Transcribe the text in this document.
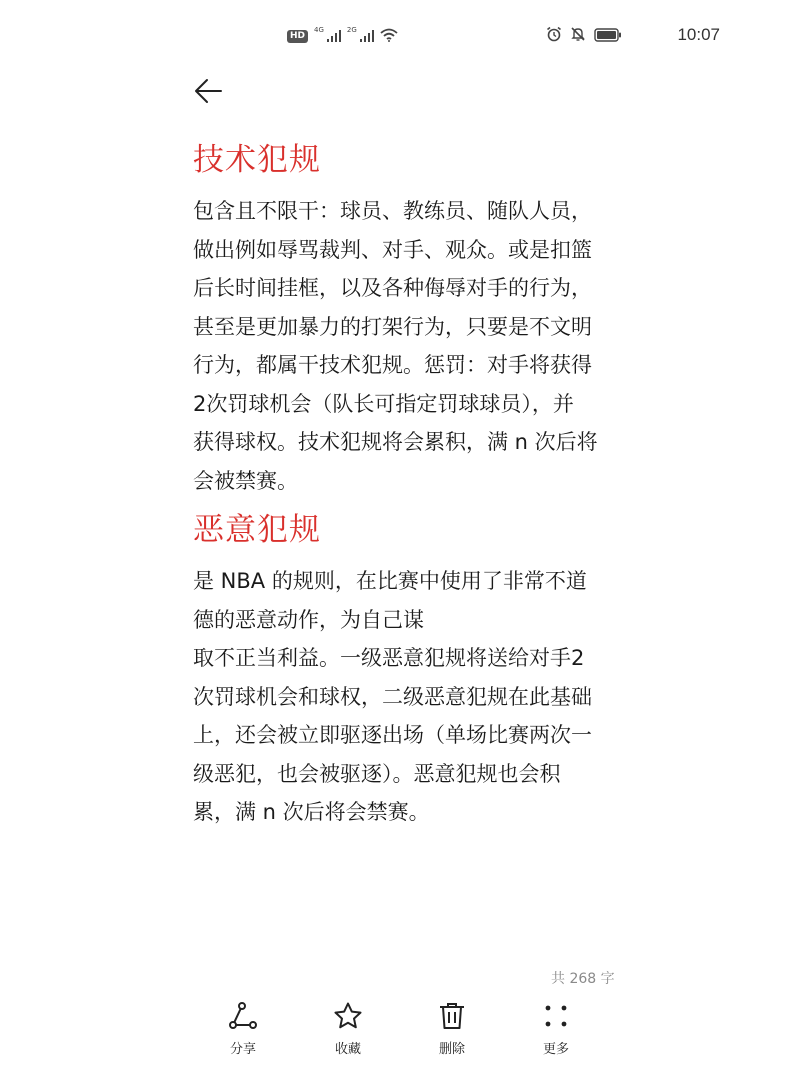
HD
4G	2G	10:07
技术犯规

包含且不限干：球员、教练员、随队人员，
做出例如辱骂裁判、对手、观众。或是扣篮
后长时间挂框，以及各种侮辱对手的行为，
甚至是更加暴力的打架行为，只要是不文明
行为，都属干技术犯规。惩罚：对手将获得
2次罚球机会（队长可指定罚球球员），并
获得球权。技术犯规将会累积，满 n 次后将
会被禁赛。

恶意犯规

是 NBA 的规则，在比赛中使用了非常不道
德的恶意动作，为自己谋
取不正当利益。一级恶意犯规将送给对手2
次罚球机会和球权，二级恶意犯规在此基础
上，还会被立即驱逐出场（单场比赛两次一
级恶犯，也会被驱逐）。恶意犯规也会积
累，满 n 次后将会禁赛。

共 268 字
分享	收藏	删除	更多
